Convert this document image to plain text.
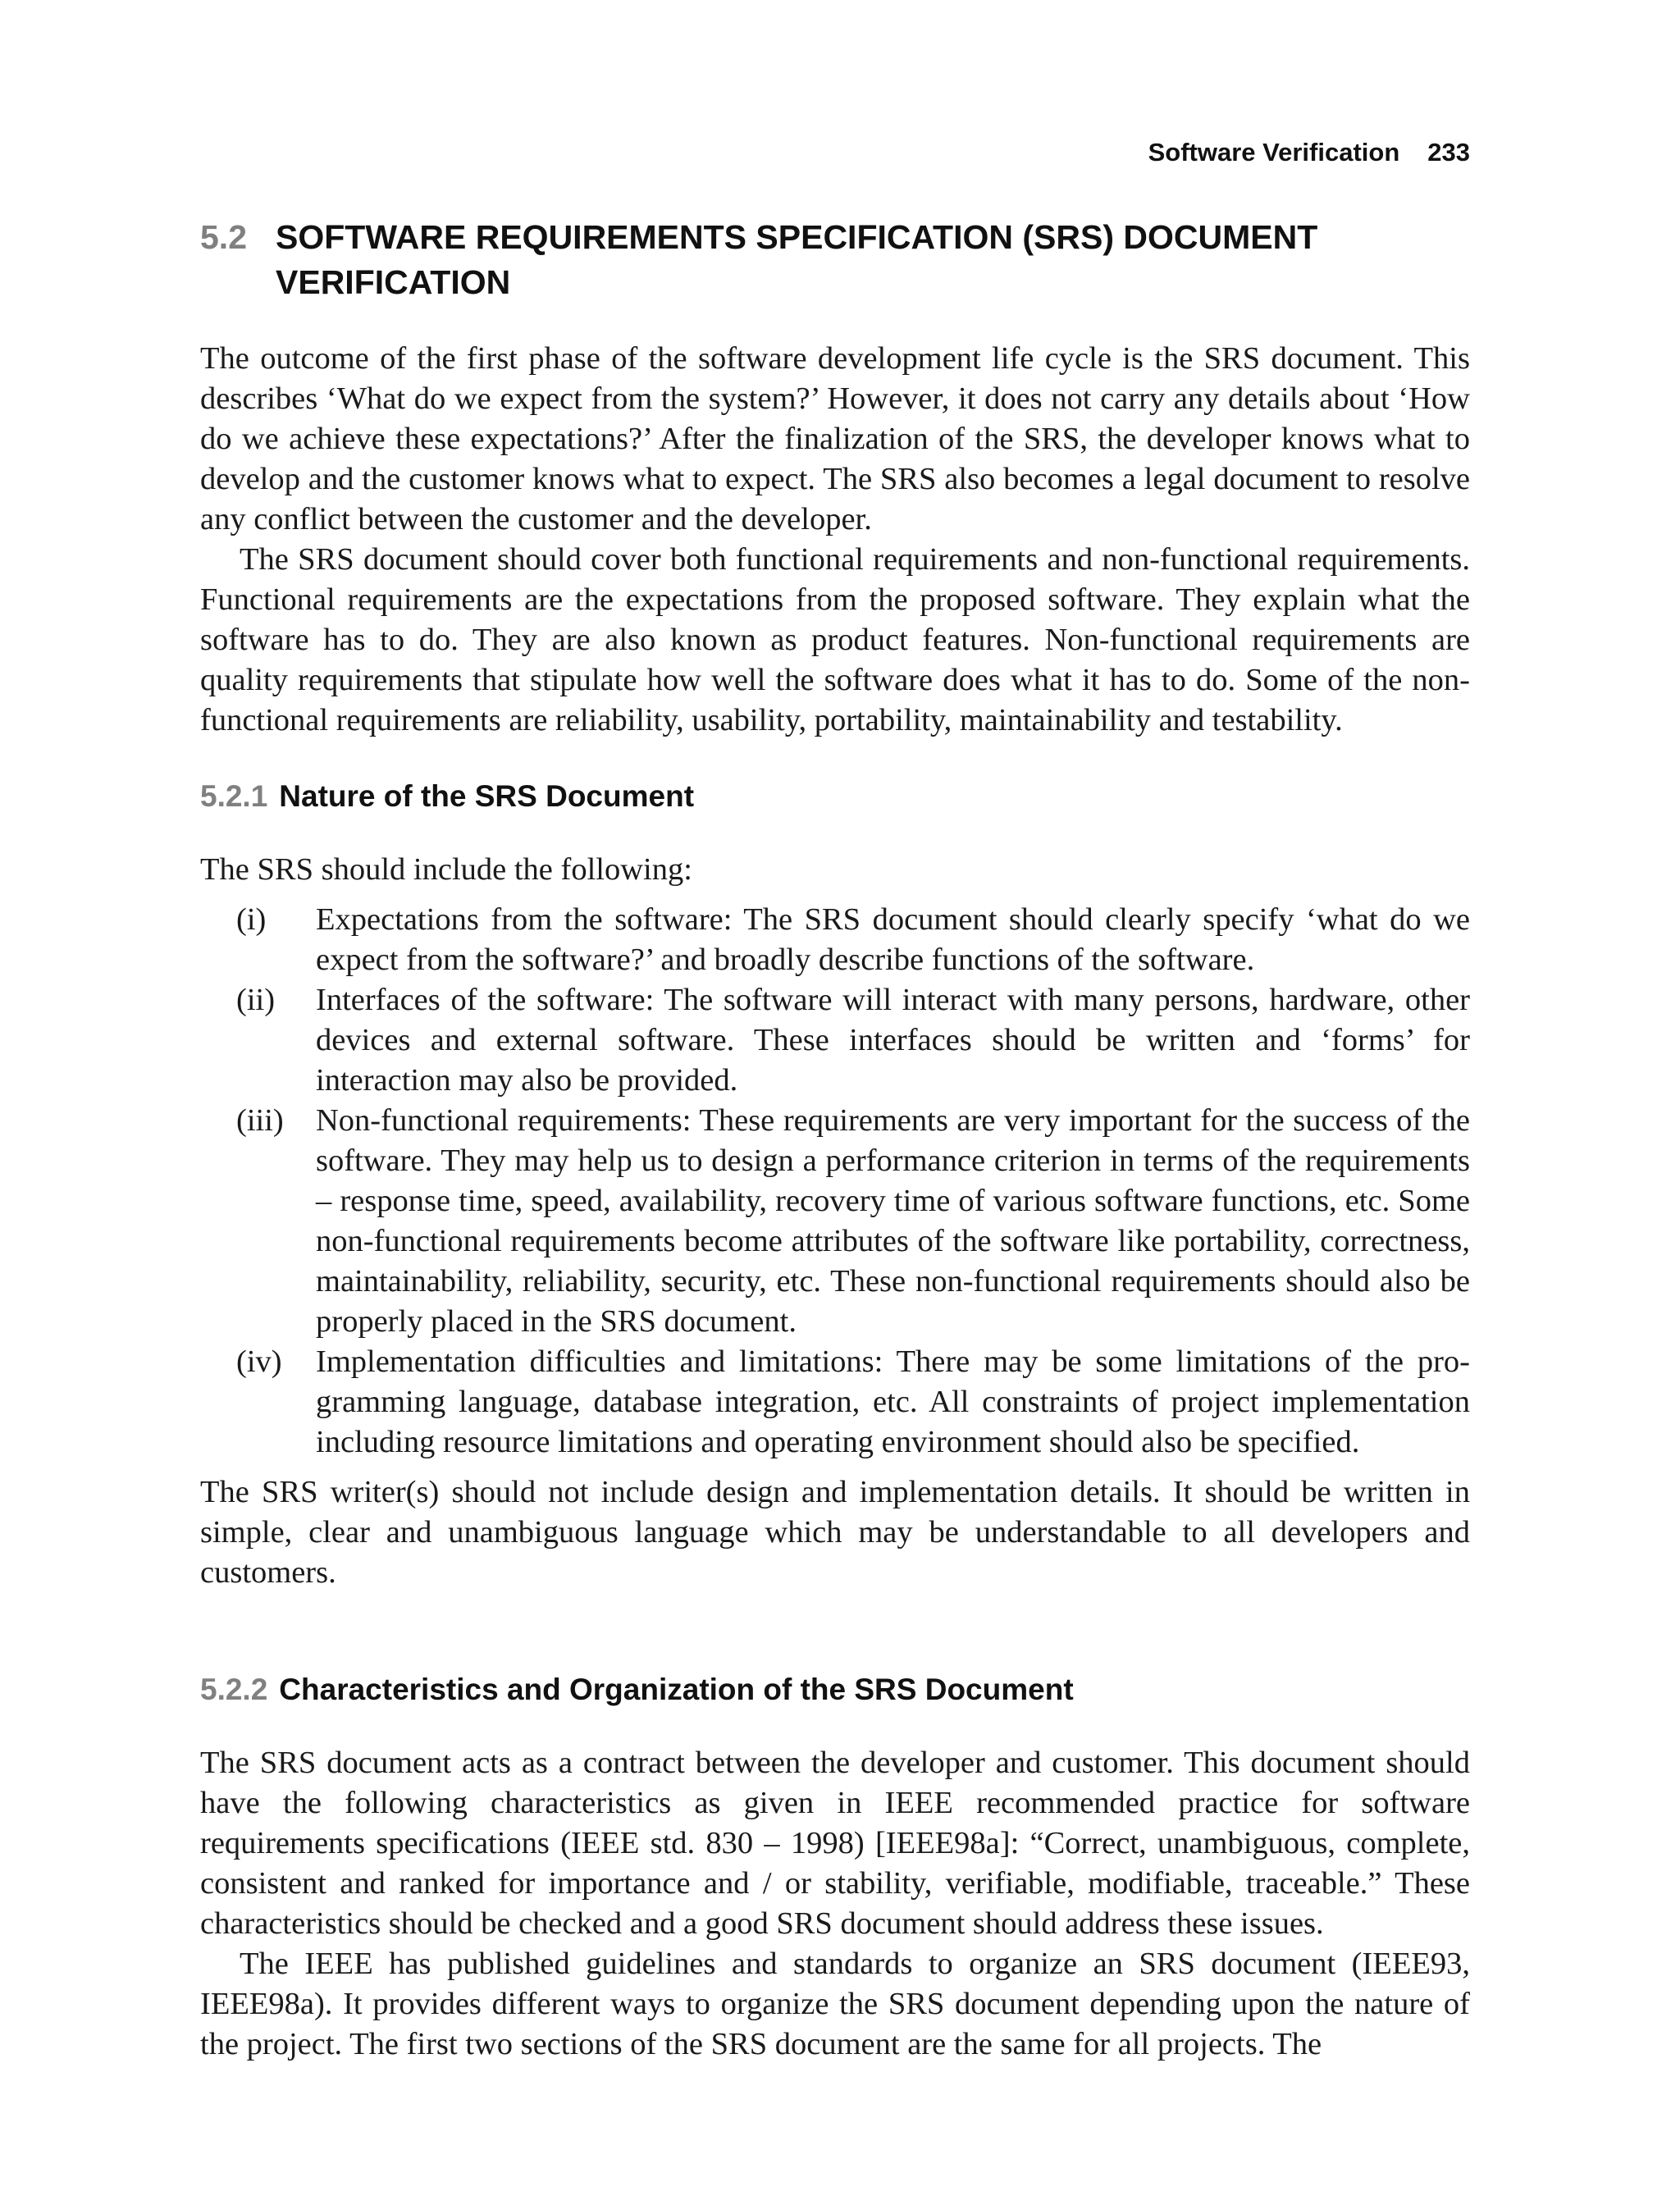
Software Verification 233
5.2 SOFTWARE REQUIREMENTS SPECIFICATION (SRS) DOCUMENT VERIFICATION

The outcome of the first phase of the software development life cycle is the SRS document. This describes ‘What do we expect from the system?’ However, it does not carry any details about ‘How do we achieve these expectations?’ After the finalization of the SRS, the developer knows what to develop and the customer knows what to expect. The SRS also becomes a legal document to resolve any conflict between the customer and the developer.

The SRS document should cover both functional requirements and non-functional requirements. Functional requirements are the expectations from the proposed software. They explain what the software has to do. They are also known as product features. Non-functional requirements are quality requirements that stipulate how well the software does what it has to do. Some of the non-functional requirements are reliability, usability, portability, maintainability and testability.

5.2.1 Nature of the SRS Document

The SRS should include the following:

(i) Expectations from the software: The SRS document should clearly specify ‘what do we expect from the software?’ and broadly describe functions of the software.
(ii) Interfaces of the software: The software will interact with many persons, hardware, other devices and external software. These interfaces should be written and ‘forms’ for interaction may also be provided.
(iii) Non-functional requirements: These requirements are very important for the success of the software. They may help us to design a performance criterion in terms of the requirements – response time, speed, availability, recovery time of various software functions, etc. Some non-functional requirements become attributes of the software like portability, correctness, maintainability, reliability, security, etc. These non-functional requirements should also be properly placed in the SRS document.
(iv) Implementation difficulties and limitations: There may be some limitations of the programming language, database integration, etc. All constraints of project implementation including resource limitations and operating environment should also be specified.

The SRS writer(s) should not include design and implementation details. It should be written in simple, clear and unambiguous language which may be understandable to all developers and customers.

5.2.2 Characteristics and Organization of the SRS Document

The SRS document acts as a contract between the developer and customer. This document should have the following characteristics as given in IEEE recommended practice for software requirements specifications (IEEE std. 830 – 1998) [IEEE98a]: “Correct, unambiguous, complete, consistent and ranked for importance and / or stability, verifiable, modifiable, traceable.” These characteristics should be checked and a good SRS document should address these issues.

The IEEE has published guidelines and standards to organize an SRS document (IEEE93, IEEE98a). It provides different ways to organize the SRS document depending upon the nature of the project. The first two sections of the SRS document are the same for all projects. The
